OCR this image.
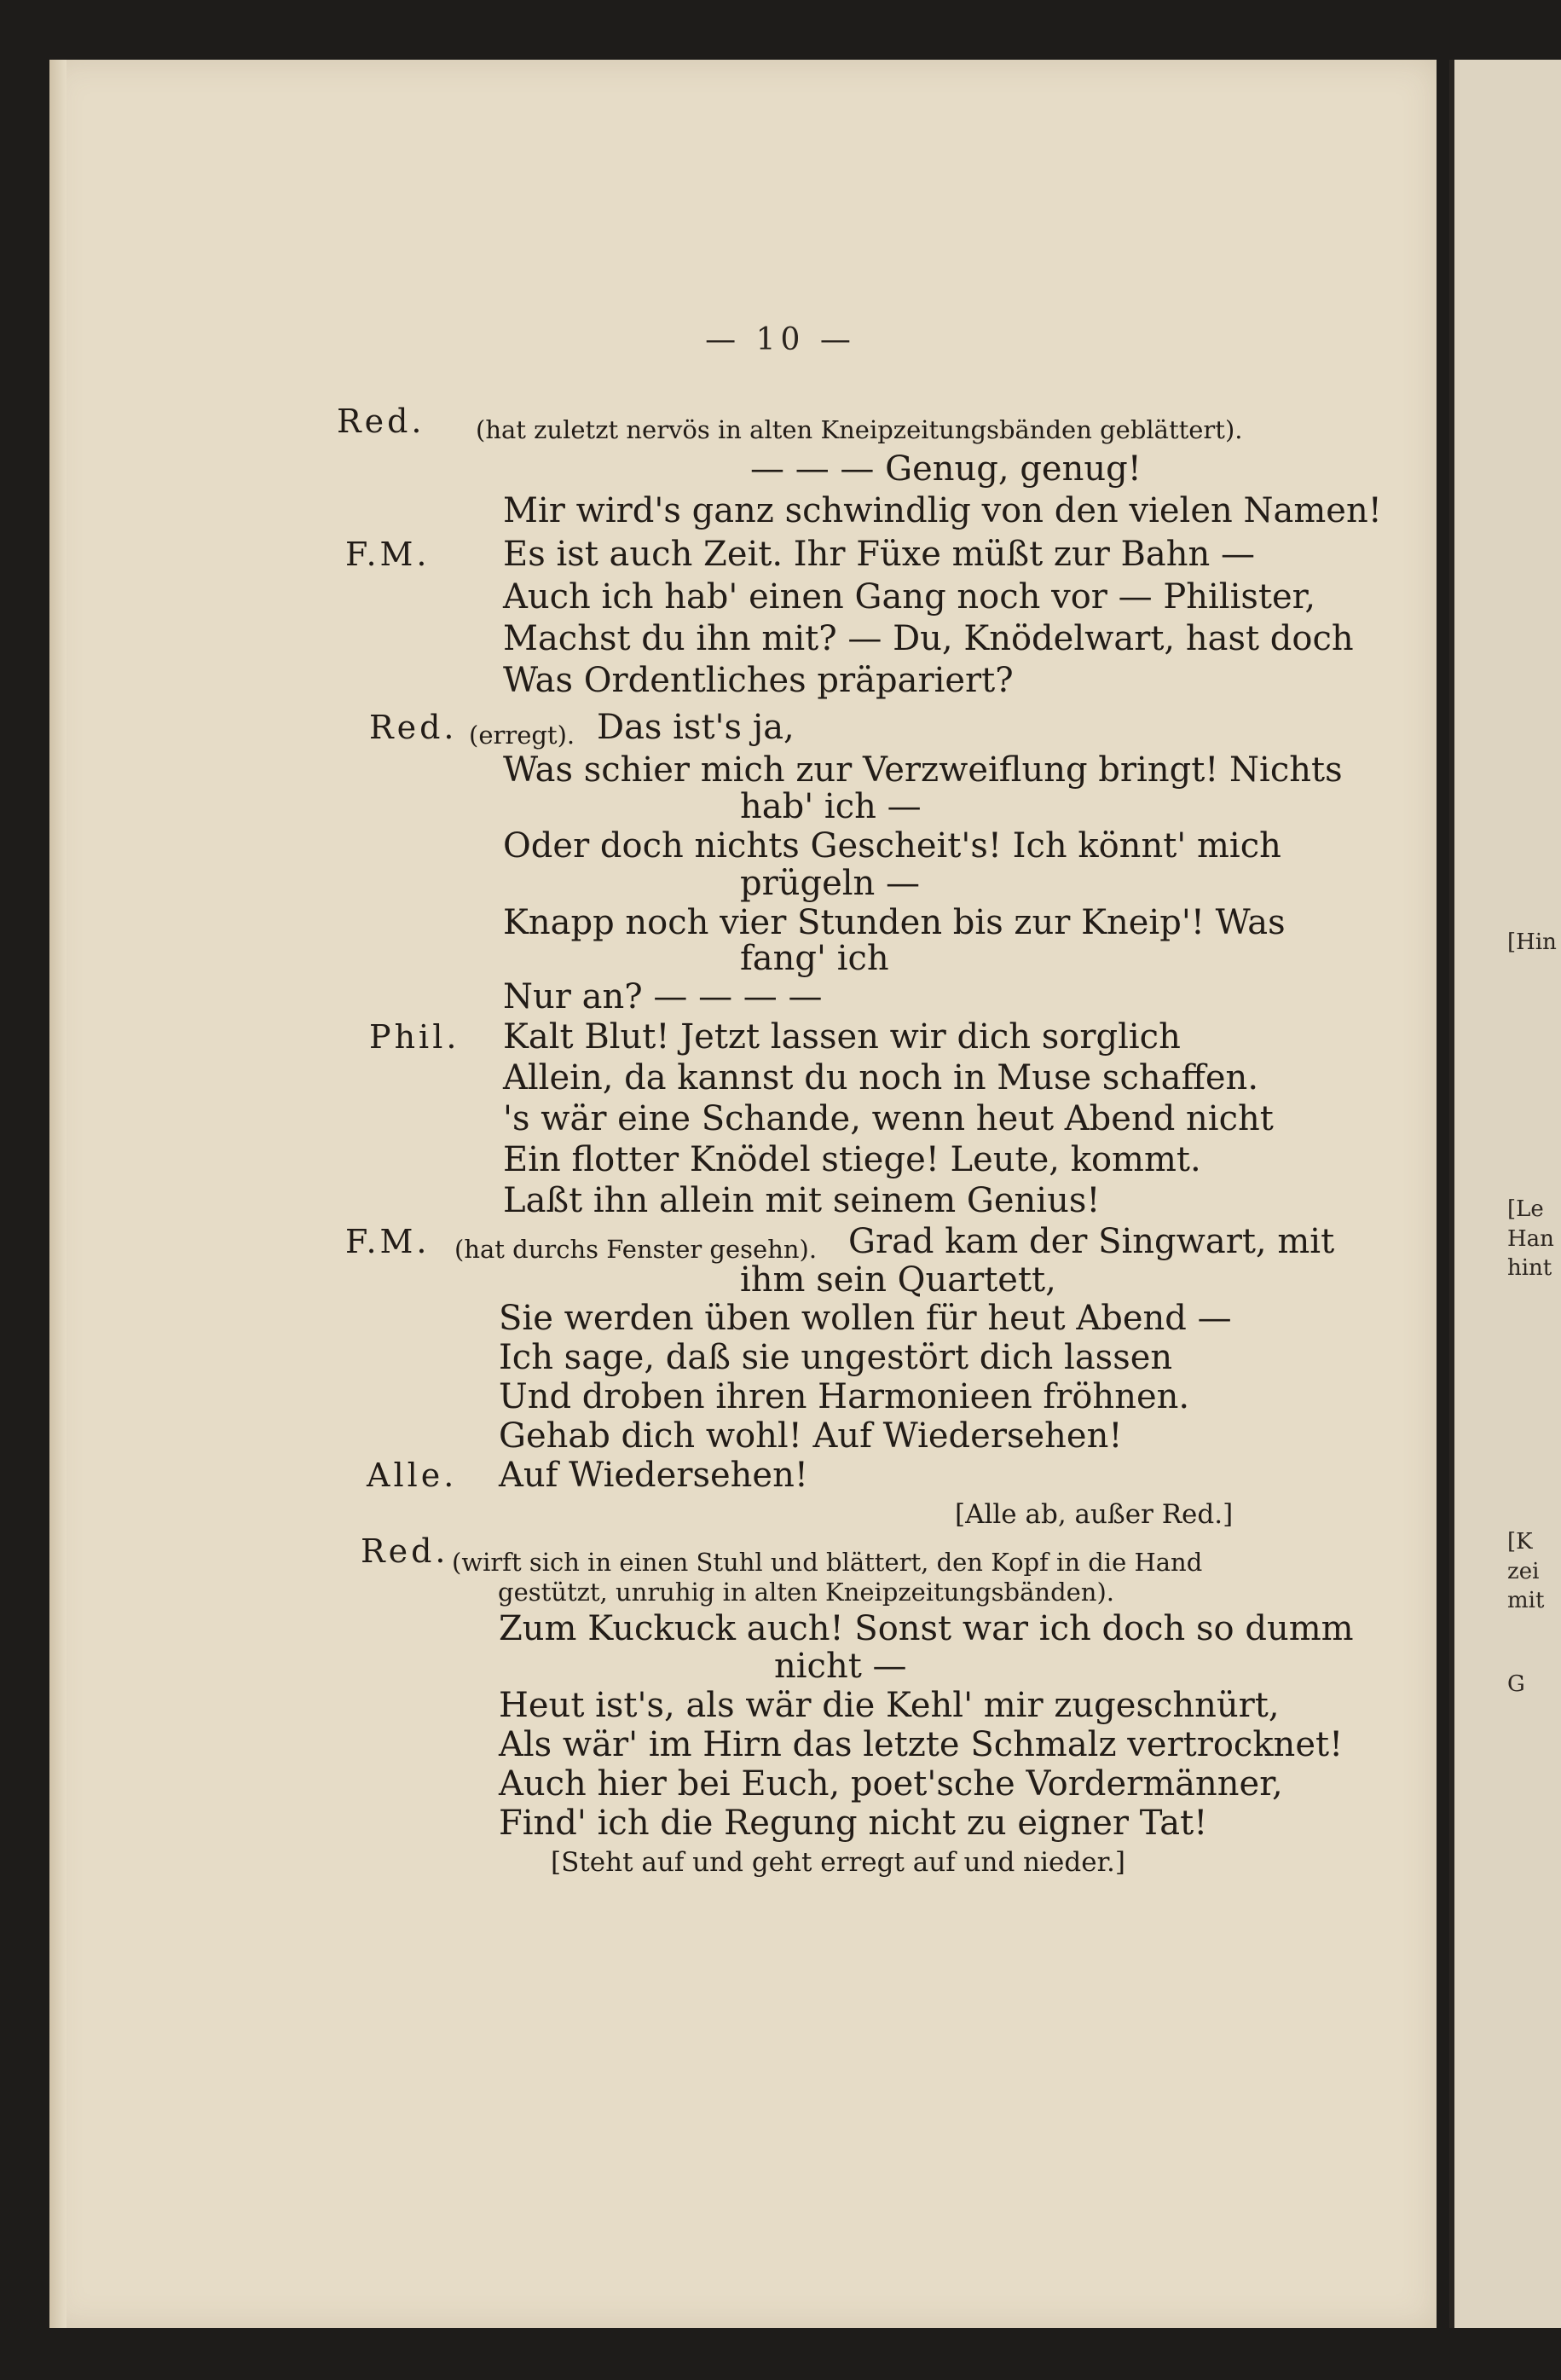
— 10 —
Red. (hat zuletzt nervös in alten Kneipzeitungsbänden geblättert).
— — — Genug, genug!
Mir wird's ganz schwindlig von den vielen Namen!
F.M. Es ist auch Zeit. Ihr Füxe müßt zur Bahn —
Auch ich hab' einen Gang noch vor — Philister,
Machst du ihn mit? — Du, Knödelwart, hast doch
Was Ordentliches präpariert?
Red. (erregt). Das ist's ja,
Was schier mich zur Verzweiflung bringt! Nichts
hab' ich —
Oder doch nichts Gescheit's! Ich könnt' mich
prügeln —
Knapp noch vier Stunden bis zur Kneip'! Was
fang' ich
Nur an? — — — —
Phil. Kalt Blut! Jetzt lassen wir dich sorglich
Allein, da kannst du noch in Muse schaffen.
's wär eine Schande, wenn heut Abend nicht
Ein flotter Knödel stiege! Leute, kommt.
Laßt ihn allein mit seinem Genius!
F.M. (hat durchs Fenster gesehn). Grad kam der Singwart, mit
ihm sein Quartett,
Sie werden üben wollen für heut Abend —
Ich sage, daß sie ungestört dich lassen
Und droben ihren Harmonieen fröhnen.
Gehab dich wohl! Auf Wiedersehen!
Alle. Auf Wiedersehen!
[Alle ab, außer Red.]
Red. (wirft sich in einen Stuhl und blättert, den Kopf in die Hand
gestützt, unruhig in alten Kneipzeitungsbänden).
Zum Kuckuck auch! Sonst war ich doch so dumm
nicht —
Heut ist's, als wär die Kehl' mir zugeschnürt,
Als wär' im Hirn das letzte Schmalz vertrocknet!
Auch hier bei Euch, poet'sche Vordermänner,
Find' ich die Regung nicht zu eigner Tat!
[Steht auf und geht erregt auf und nieder.]
[Hin
[Le
Han
hint
[K
zei
mit
G
